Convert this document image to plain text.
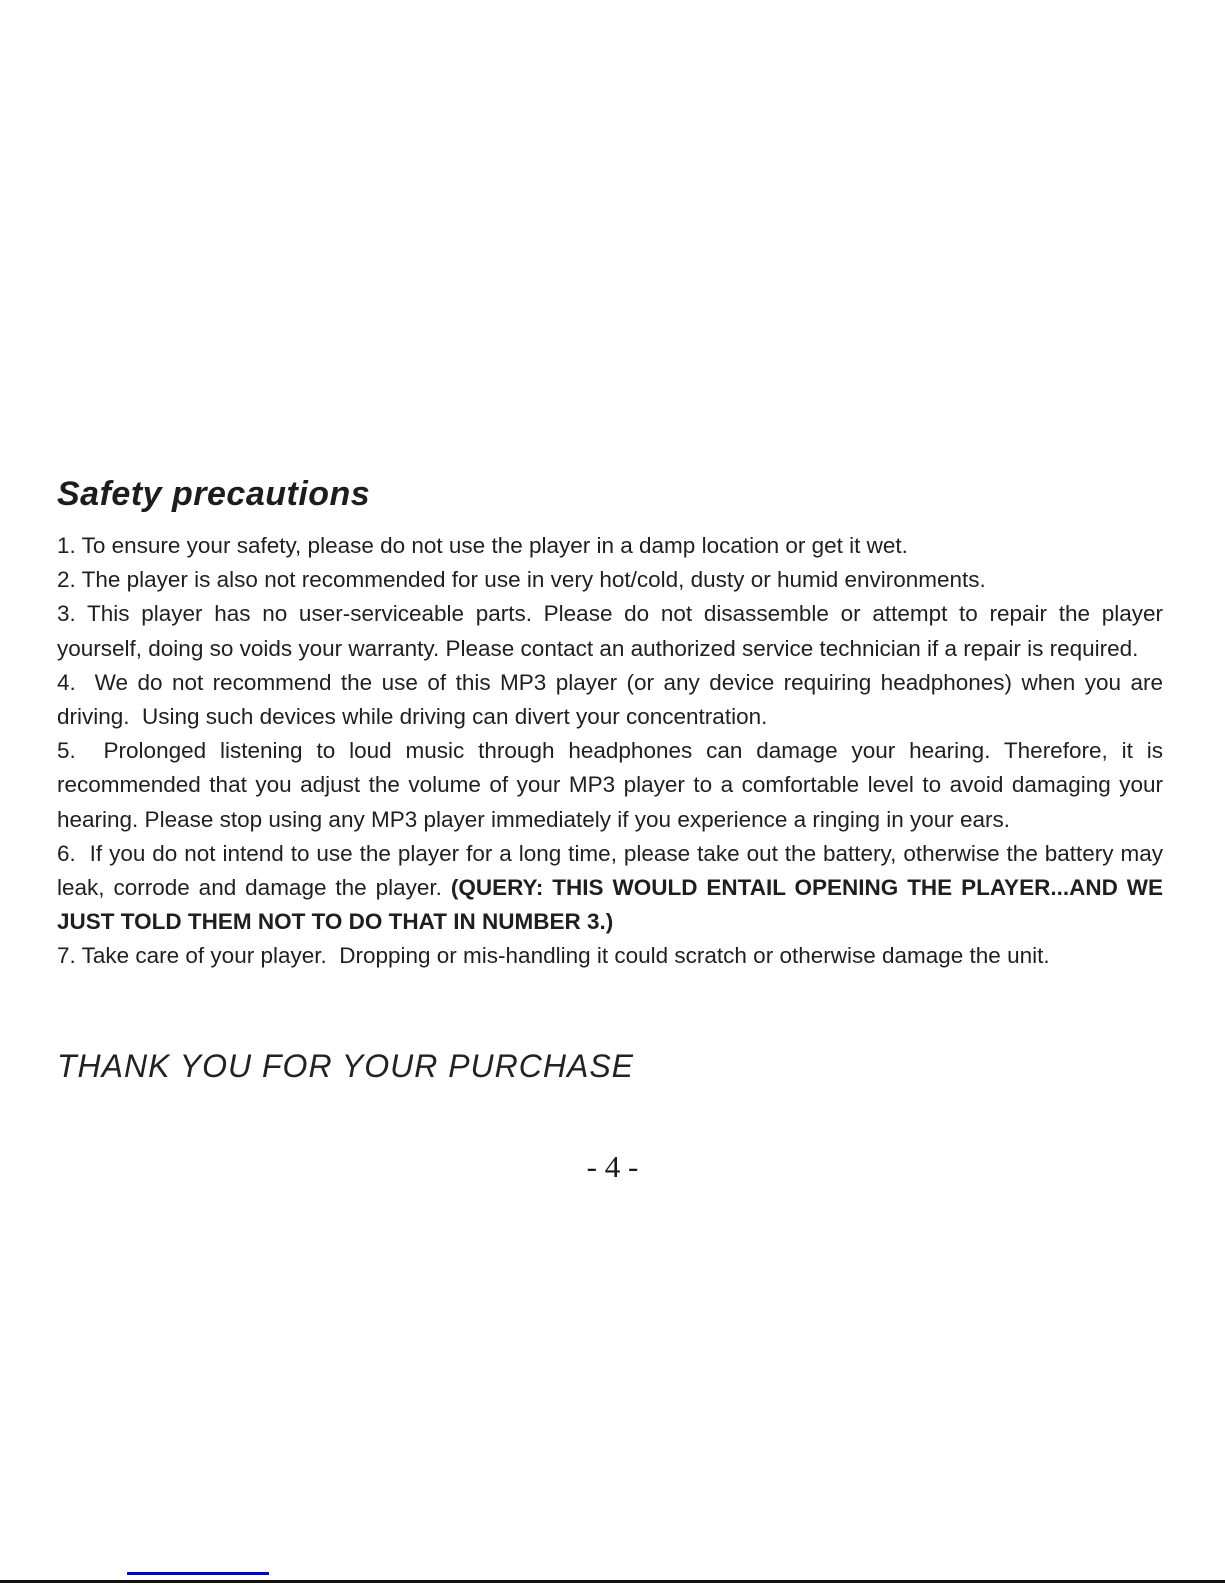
Safety precautions

1. To ensure your safety, please do not use the player in a damp location or get it wet.

2. The player is also not recommended for use in very hot/cold, dusty or humid environments.

3. This player has no user-serviceable parts. Please do not disassemble or attempt to repair the player yourself, doing so voids your warranty. Please contact an authorized service technician if a repair is required.

4.  We do not recommend the use of this MP3 player (or any device requiring headphones) when you are driving.  Using such devices while driving can divert your concentration.

5.  Prolonged listening to loud music through headphones can damage your hearing. Therefore, it is recommended that you adjust the volume of your MP3 player to a comfortable level to avoid damaging your hearing. Please stop using any MP3 player immediately if you experience a ringing in your ears.

6.  If you do not intend to use the player for a long time, please take out the battery, otherwise the battery may leak, corrode and damage the player. (QUERY: THIS WOULD ENTAIL OPENING THE PLAYER...AND WE JUST TOLD THEM NOT TO DO THAT IN NUMBER 3.)

7. Take care of your player.  Dropping or mis-handling it could scratch or otherwise damage the unit.

THANK YOU FOR YOUR PURCHASE
- 4 -
